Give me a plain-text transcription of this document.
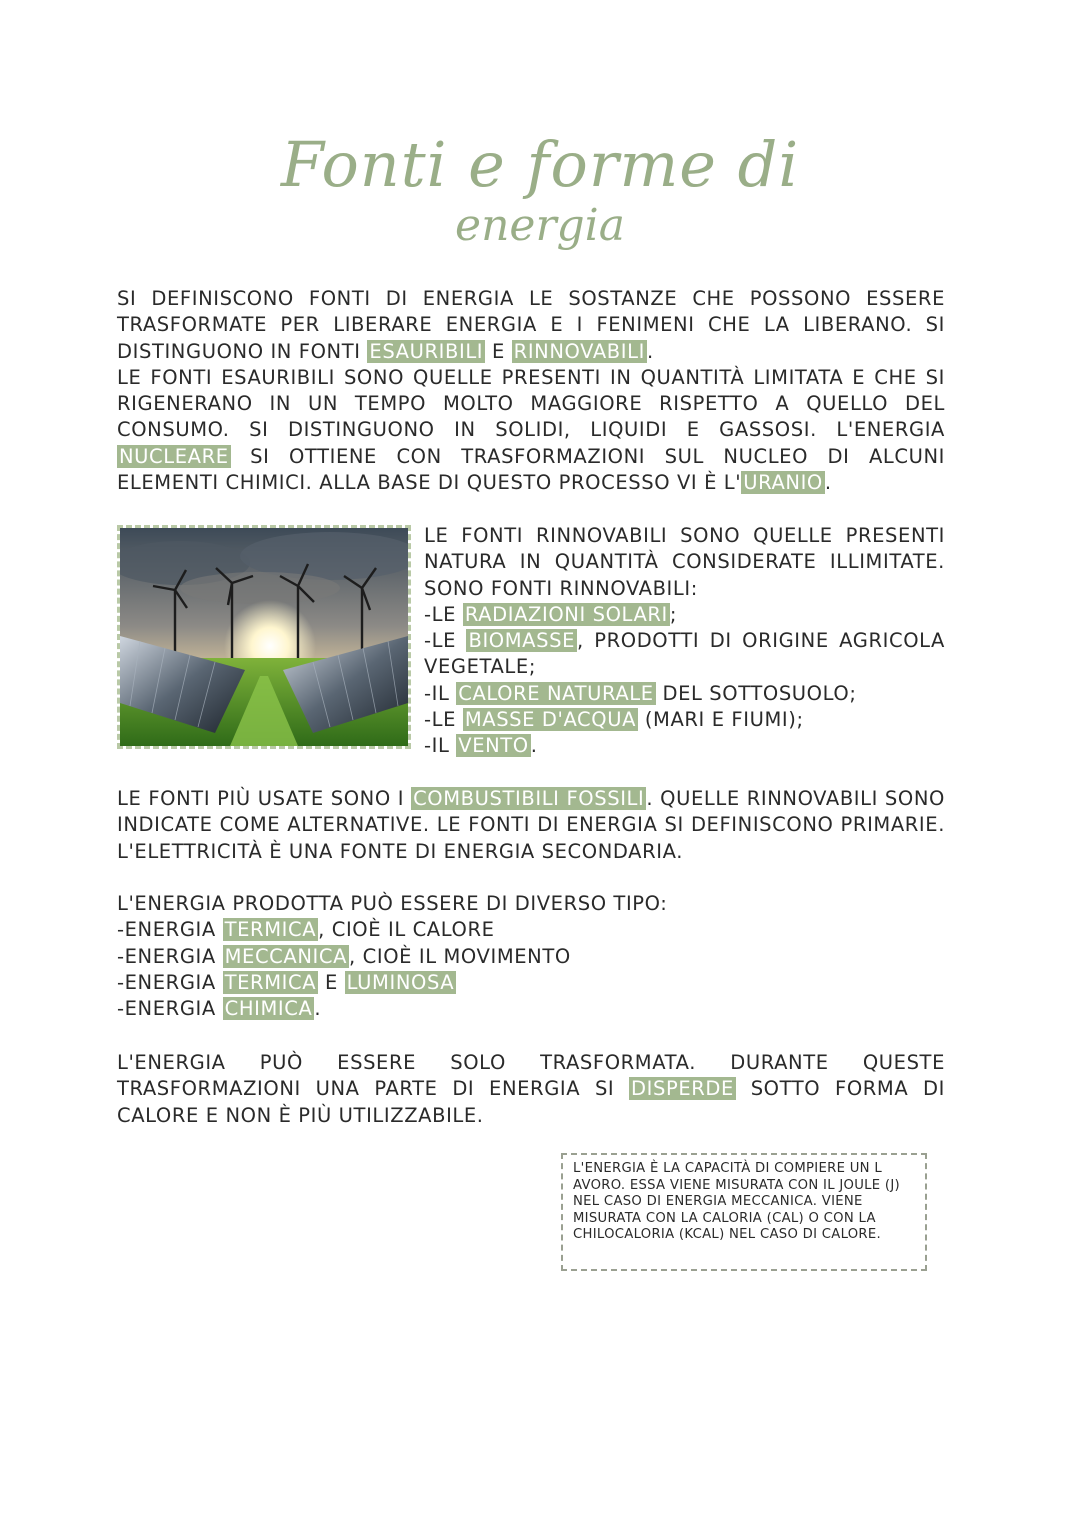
Fonti e forme di
energia
SI DEFINISCONO FONTI DI ENERGIA LE SOSTANZE CHE POSSONO ESSERE TRASFORMATE PER LIBERARE ENERGIA E I FENIMENI CHE LA LIBERANO. SI DISTINGUONO IN FONTI ESAURIBILI E RINNOVABILI .
LE FONTI ESAURIBILI SONO QUELLE PRESENTI IN QUANTITÀ LIMITATA E CHE SI RIGENERANO IN UN TEMPO MOLTO MAGGIORE RISPETTO A QUELLO DEL CONSUMO. SI DISTINGUONO IN SOLIDI, LIQUIDI E GASSOSI. L'ENERGIA NUCLEARE SI OTTIENE CON TRASFORMAZIONI SUL NUCLEO DI ALCUNI ELEMENTI CHIMICI. ALLA BASE DI QUESTO PROCESSO VI È L' URANIO .
LE FONTI RINNOVABILI SONO QUELLE PRESENTI NATURA IN QUANTITÀ CONSIDERATE ILLIMITATE. SONO FONTI RINNOVABILI:
-LE RADIAZIONI SOLARI ;
-LE BIOMASSE , PRODOTTI DI ORIGINE AGRICOLA VEGETALE;
-IL CALORE NATURALE DEL SOTTOSUOLO;
-LE MASSE D'ACQUA (MARI E FIUMI);
-IL VENTO .
LE FONTI PIÙ USATE SONO I COMBUSTIBILI FOSSILI . QUELLE RINNOVABILI SONO INDICATE COME ALTERNATIVE. LE FONTI DI ENERGIA SI DEFINISCONO PRIMARIE. L'ELETTRICITÀ È UNA FONTE DI ENERGIA SECONDARIA.
L'ENERGIA PRODOTTA PUÒ ESSERE DI DIVERSO TIPO:
-ENERGIA TERMICA , CIOÈ IL CALORE
-ENERGIA MECCANICA , CIOÈ IL MOVIMENTO
-ENERGIA TERMICA E LUMINOSA
-ENERGIA CHIMICA .
L'ENERGIA PUÒ ESSERE SOLO TRASFORMATA. DURANTE QUESTE TRASFORMAZIONI UNA PARTE DI ENERGIA SI DISPERDE SOTTO FORMA DI CALORE E NON È PIÙ UTILIZZABILE.
L'ENERGIA È LA CAPACITÀ DI COMPIERE UN L AVORO. ESSA VIENE MISURATA CON IL JOULE (J) NEL CASO DI ENERGIA MECCANICA. VIENE MISURATA CON LA CALORIA (CAL) O CON LA CHILOCALORIA (KCAL) NEL CASO DI CALORE.
